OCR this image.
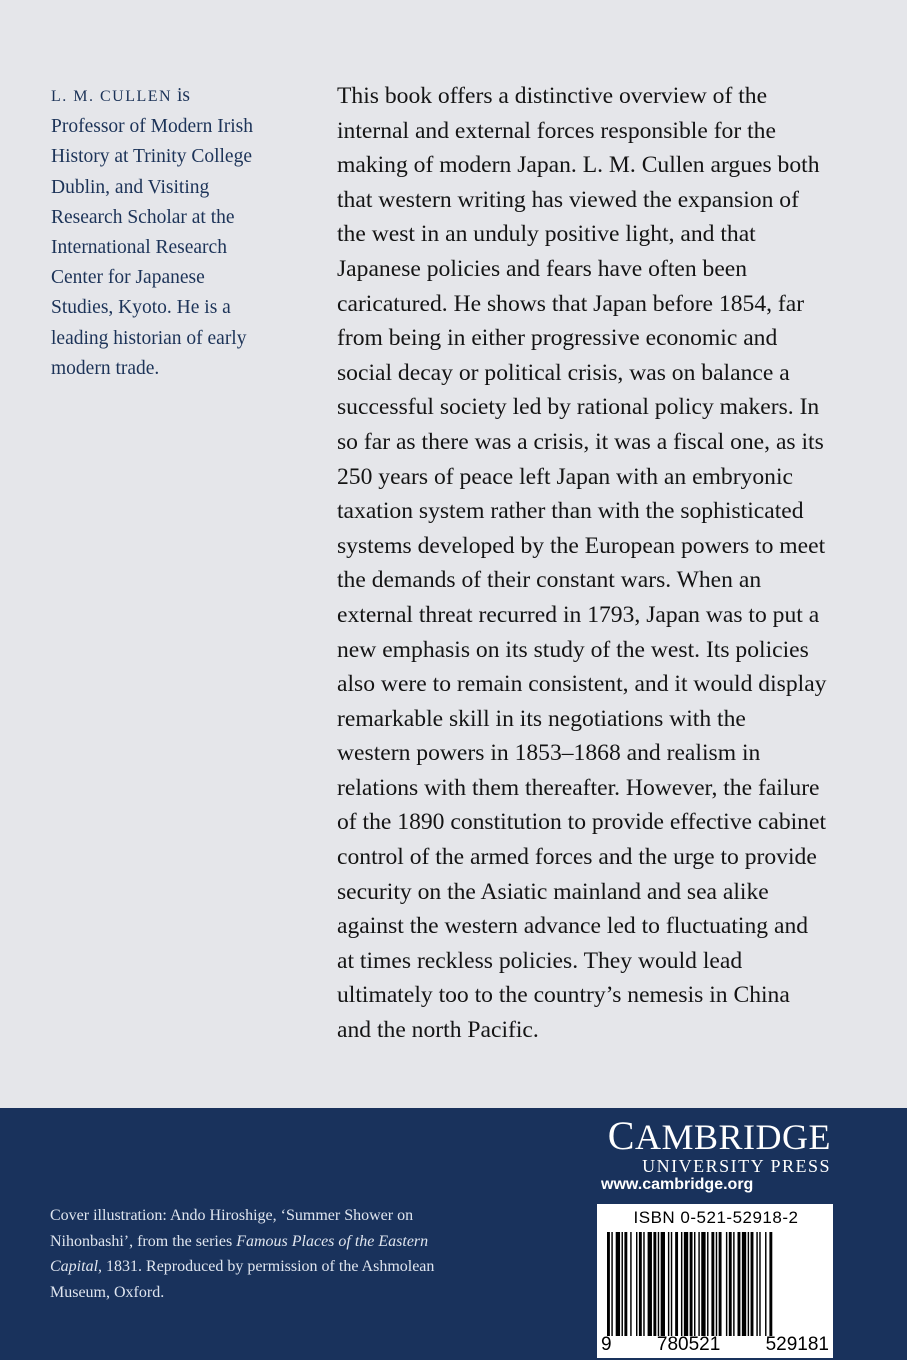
L. M. CULLEN is
Professor of Modern Irish
History at Trinity College
Dublin, and Visiting
Research Scholar at the
International Research
Center for Japanese
Studies, Kyoto. He is a
leading historian of early
modern trade.
This book offers a distinctive overview of the
internal and external forces responsible for the
making of modern Japan. L. M. Cullen argues both
that western writing has viewed the expansion of
the west in an unduly positive light, and that
Japanese policies and fears have often been
caricatured. He shows that Japan before 1854, far
from being in either progressive economic and
social decay or political crisis, was on balance a
successful society led by rational policy makers. In
so far as there was a crisis, it was a fiscal one, as its
250 years of peace left Japan with an embryonic
taxation system rather than with the sophisticated
systems developed by the European powers to meet
the demands of their constant wars. When an
external threat recurred in 1793, Japan was to put a
new emphasis on its study of the west. Its policies
also were to remain consistent, and it would display
remarkable skill in its negotiations with the
western powers in 1853–1868 and realism in
relations with them thereafter. However, the failure
of the 1890 constitution to provide effective cabinet
control of the armed forces and the urge to provide
security on the Asiatic mainland and sea alike
against the western advance led to fluctuating and
at times reckless policies. They would lead
ultimately too to the country’s nemesis in China
and the north Pacific.
Cover illustration: Ando Hiroshige, ‘Summer Shower on Nihonbashi’, from the series Famous Places of the Eastern Capital, 1831. Reproduced by permission of the Ashmolean Museum, Oxford.
CAMBRIDGE
UNIVERSITY PRESS
www.cambridge.org
ISBN 0-521-52918-2
9 780521 529181
